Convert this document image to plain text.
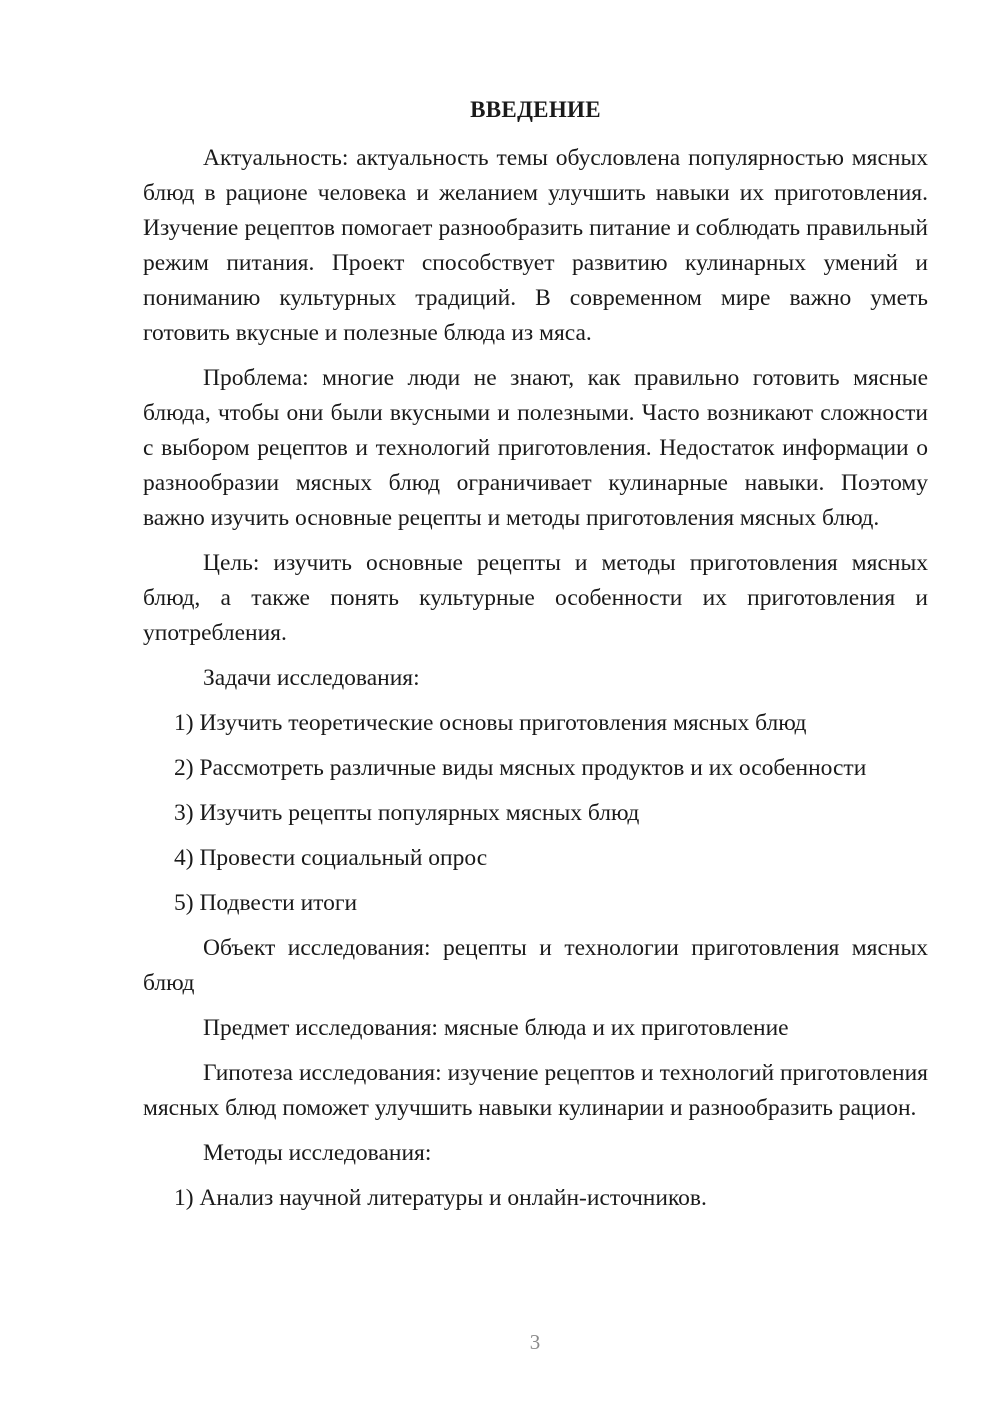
ВВЕДЕНИЕ

Актуальность: актуальность темы обусловлена популярностью мясных блюд в рационе человека и желанием улучшить навыки их приготовления. Изучение рецептов помогает разнообразить питание и соблюдать правильный режим питания. Проект способствует развитию кулинарных умений и пониманию культурных традиций. В современном мире важно уметь готовить вкусные и полезные блюда из мяса.

Проблема: многие люди не знают, как правильно готовить мясные блюда, чтобы они были вкусными и полезными. Часто возникают сложности с выбором рецептов и технологий приготовления. Недостаток информации о разнообразии мясных блюд ограничивает кулинарные навыки. Поэтому важно изучить основные рецепты и методы приготовления мясных блюд.

Цель: изучить основные рецепты и методы приготовления мясных блюд, а также понять культурные особенности их приготовления и употребления.

Задачи исследования:
1) Изучить теоретические основы приготовления мясных блюд
2) Рассмотреть различные виды мясных продуктов и их особенности
3) Изучить рецепты популярных мясных блюд
4) Провести социальный опрос
5) Подвести итоги

Объект исследования: рецепты и технологии приготовления мясных блюд

Предмет исследования: мясные блюда и их приготовление

Гипотеза исследования: изучение рецептов и технологий приготовления мясных блюд поможет улучшить навыки кулинарии и разнообразить рацион.

Методы исследования:
1) Анализ научной литературы и онлайн-источников.
3
